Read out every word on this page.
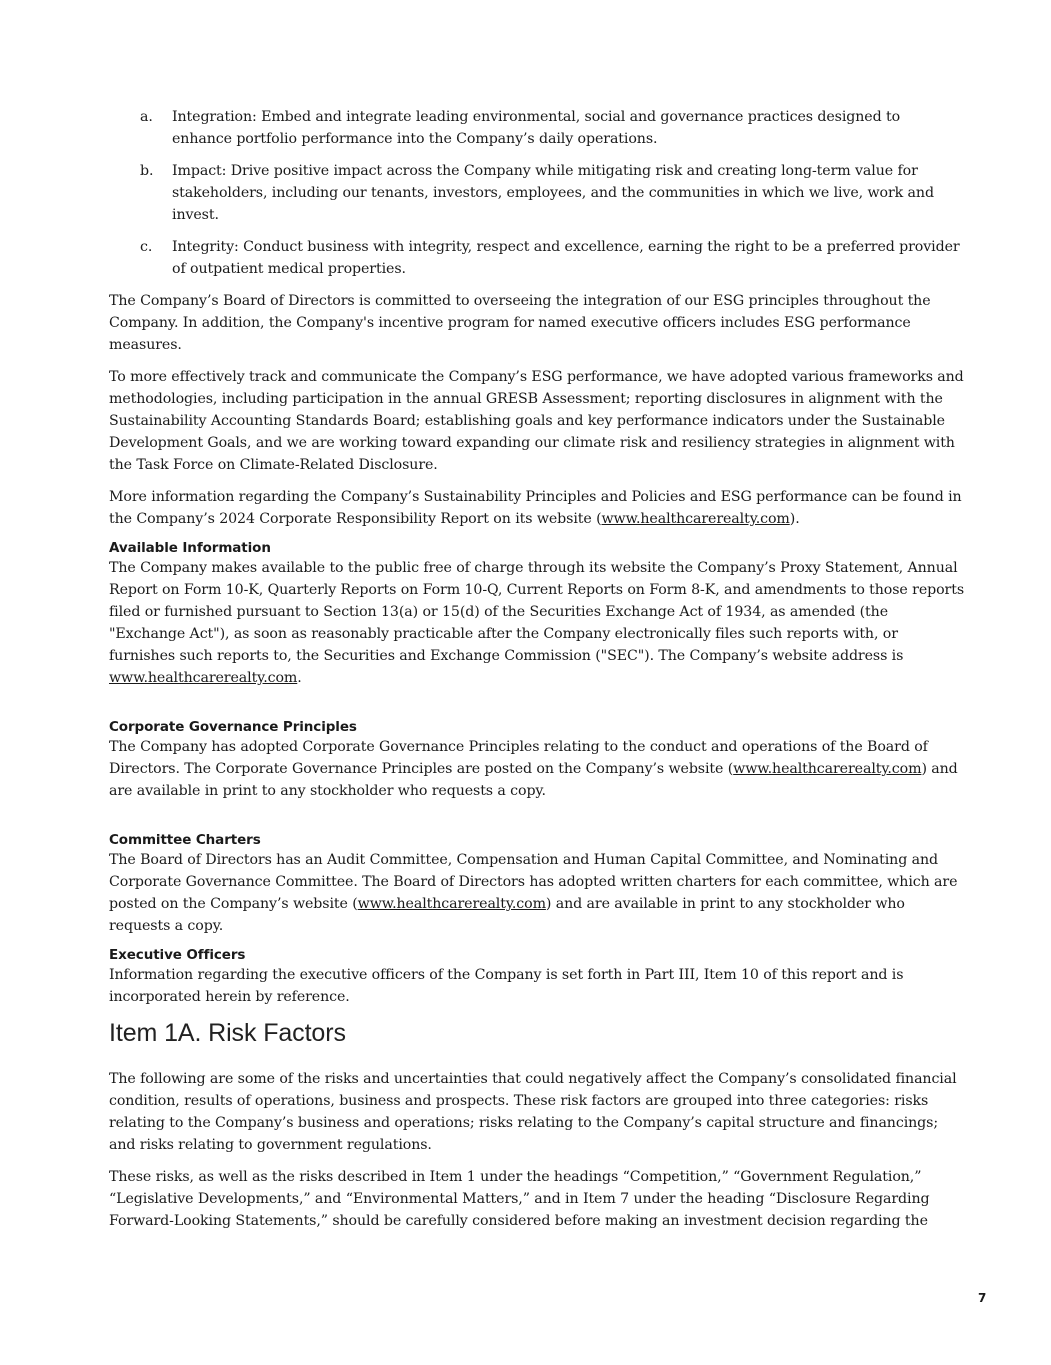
a. Integration: Embed and integrate leading environmental, social and governance practices designed to enhance portfolio performance into the Company’s daily operations.
b. Impact: Drive positive impact across the Company while mitigating risk and creating long-term value for stakeholders, including our tenants, investors, employees, and the communities in which we live, work and invest.
c. Integrity: Conduct business with integrity, respect and excellence, earning the right to be a preferred provider of outpatient medical properties.

The Company’s Board of Directors is committed to overseeing the integration of our ESG principles throughout the Company. In addition, the Company's incentive program for named executive officers includes ESG performance measures.

To more effectively track and communicate the Company’s ESG performance, we have adopted various frameworks and methodologies, including participation in the annual GRESB Assessment; reporting disclosures in alignment with the Sustainability Accounting Standards Board; establishing goals and key performance indicators under the Sustainable Development Goals, and we are working toward expanding our climate risk and resiliency strategies in alignment with the Task Force on Climate-Related Disclosure.

More information regarding the Company’s Sustainability Principles and Policies and ESG performance can be found in the Company’s 2024 Corporate Responsibility Report on its website (www.healthcarerealty.com).

Available Information

The Company makes available to the public free of charge through its website the Company’s Proxy Statement, Annual Report on Form 10-K, Quarterly Reports on Form 10-Q, Current Reports on Form 8-K, and amendments to those reports filed or furnished pursuant to Section 13(a) or 15(d) of the Securities Exchange Act of 1934, as amended (the "Exchange Act"), as soon as reasonably practicable after the Company electronically files such reports with, or furnishes such reports to, the Securities and Exchange Commission ("SEC"). The Company’s website address is www.healthcarerealty.com.

Corporate Governance Principles

The Company has adopted Corporate Governance Principles relating to the conduct and operations of the Board of Directors. The Corporate Governance Principles are posted on the Company’s website (www.healthcarerealty.com) and are available in print to any stockholder who requests a copy.

Committee Charters

The Board of Directors has an Audit Committee, Compensation and Human Capital Committee, and Nominating and Corporate Governance Committee. The Board of Directors has adopted written charters for each committee, which are posted on the Company’s website (www.healthcarerealty.com) and are available in print to any stockholder who requests a copy.

Executive Officers

Information regarding the executive officers of the Company is set forth in Part III, Item 10 of this report and is incorporated herein by reference.

Item 1A. Risk Factors

The following are some of the risks and uncertainties that could negatively affect the Company’s consolidated financial condition, results of operations, business and prospects. These risk factors are grouped into three categories: risks relating to the Company’s business and operations; risks relating to the Company’s capital structure and financings; and risks relating to government regulations.

These risks, as well as the risks described in Item 1 under the headings “Competition,” “Government Regulation,” “Legislative Developments,” and “Environmental Matters,” and in Item 7 under the heading “Disclosure Regarding Forward-Looking Statements,” should be carefully considered before making an investment decision regarding the

7
